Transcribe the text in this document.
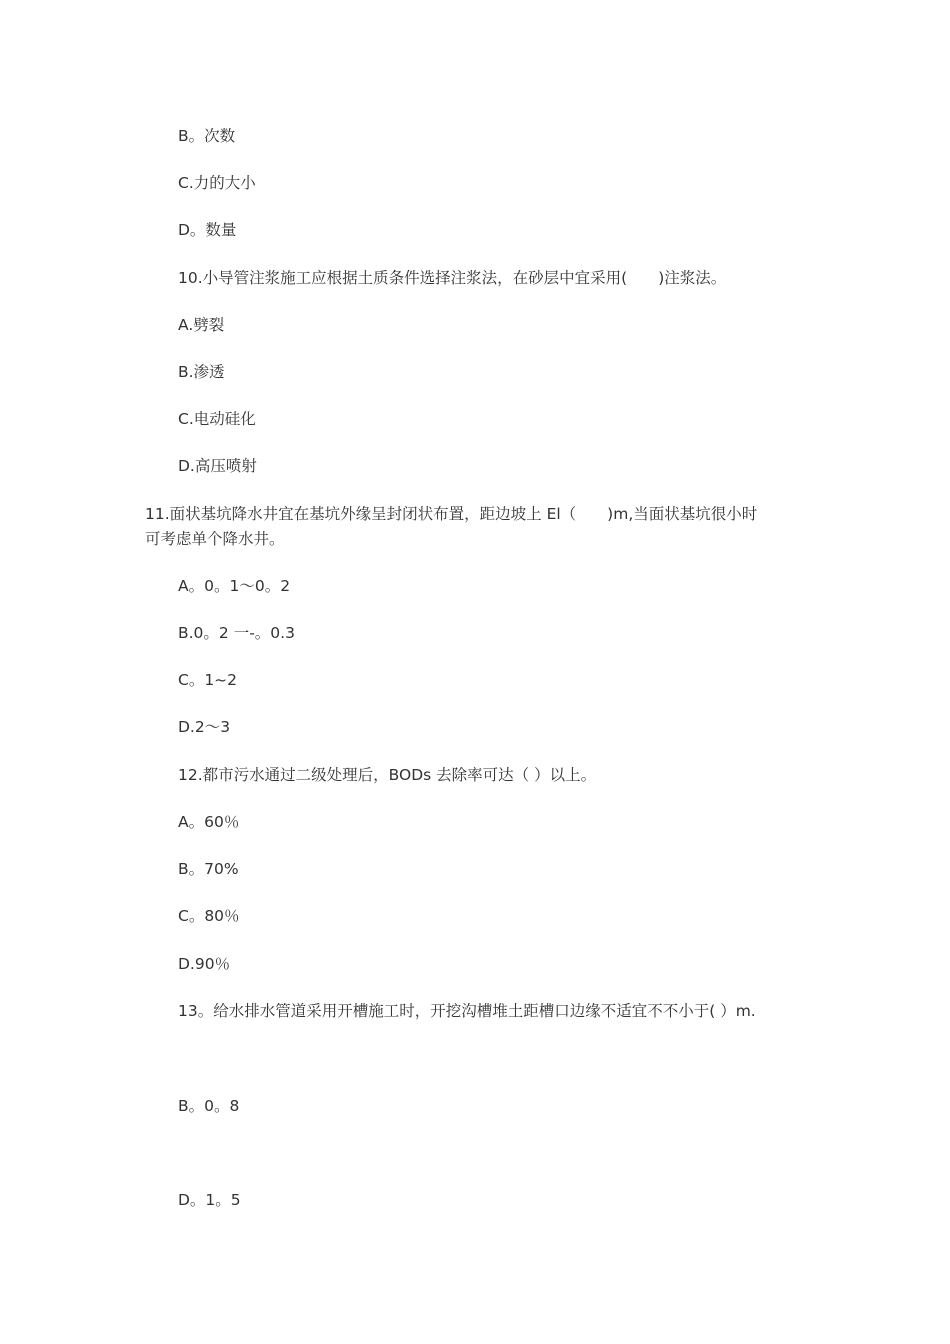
B。次数
C.力的大小
D。数量
10.小导管注浆施工应根据土质条件选择注浆法，在砂层中宜采用(　　)注浆法。
A.劈裂
B.渗透
C.电动硅化
D.高压喷射
11.面状基坑降水井宜在基坑外缘呈封闭状布置，距边坡上 El（　　)m,当面状基坑很小时
可考虑单个降水井。
A。0。1～0。2
B.0。2 一-。0.3
C。1~2
D.2～3
12.都市污水通过二级处理后，BODs 去除率可达（ ）以上。
A。60％
B。70%
C。80％
D.90％
13。给水排水管道采用开槽施工时，开挖沟槽堆土距槽口边缘不适宜不不小于( ）m.
B。0。8
D。1。5
